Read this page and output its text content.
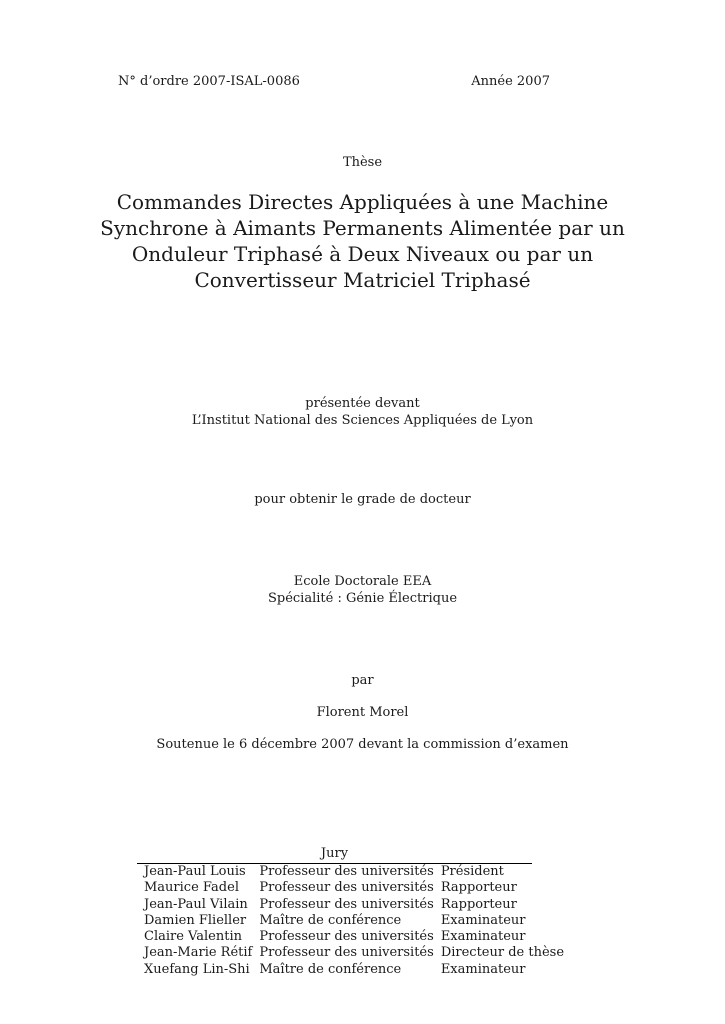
N° d’ordre 2007-ISAL-0086	Année 2007
Thèse
Commandes Directes Appliquées à une Machine
Synchrone à Aimants Permanents Alimentée par un
Onduleur Triphasé à Deux Niveaux ou par un
Convertisseur Matriciel Triphasé
présentée devant
L’Institut National des Sciences Appliquées de Lyon
pour obtenir le grade de docteur
Ecole Doctorale EEA
Spécialité : Génie Électrique
par
Florent Morel
Soutenue le 6 décembre 2007 devant la commission d’examen
Jury
Jean-Paul Louis	Professeur des universités	Président
Maurice Fadel	Professeur des universités	Rapporteur
Jean-Paul Vilain	Professeur des universités	Rapporteur
Damien Flieller	Maître de conférence	Examinateur
Claire Valentin	Professeur des universités	Examinateur
Jean-Marie Rétif	Professeur des universités	Directeur de thèse
Xuefang Lin-Shi	Maître de conférence	Examinateur
